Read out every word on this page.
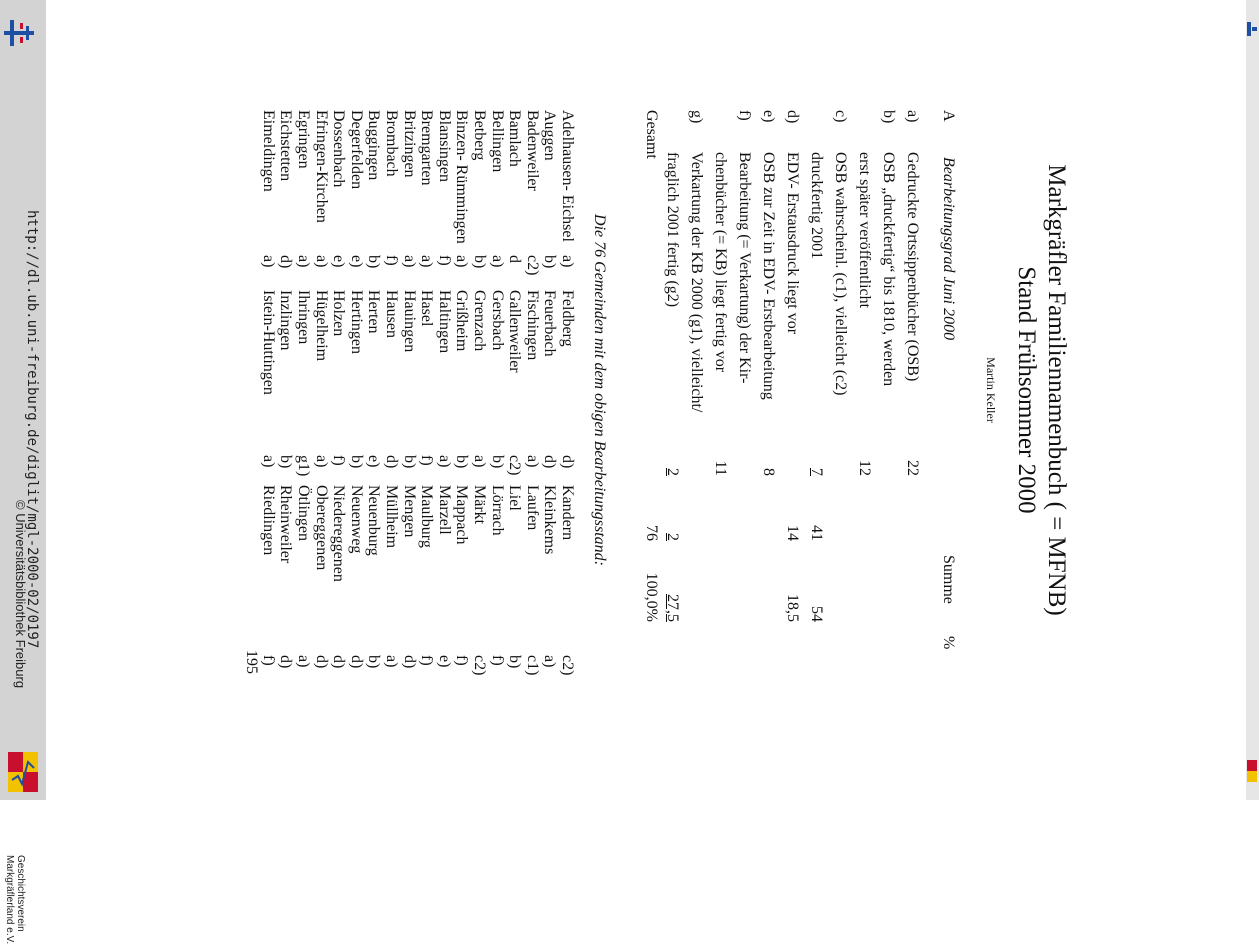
http://dl.ub.uni-freiburg.de/diglit/mgl-2000-02/0197
© Universitätsbibliothek Freiburg
Geschichtsverein
Markgräflerland e.V.
Markgräfler Familiennamenbuch ( = MFNB)
Stand Frühsommer 2000
Martin Keller
A
Bearbeitungsgrad Juni 2000
Summe
%
a)
Gedruckte Ortssippenbücher (OSB)
22
b)
OSB „druckfertig“ bis 1810, werden
erst später veröffentlicht
12
c)
OSB wahrscheinl. (c1), vielleicht (c2)
druckfertig 2001
7
41
54
d)
EDV- Erstausdruck liegt vor
14
18,5
e)
OSB zur Zeit in EDV- Erstbearbeitung
8
f)
Bearbeitung (= Verkartung) der Kir-
chenbücher (= KB) liegt fertig vor
11
g)
Verkartung der KB 2000 (g1), vielleicht/
fraglich 2001 fertig (g2)
2
2
27,5
Gesamt
76
100,0%
Die 76 Gemeinden mit dem obigen Bearbeitungsstand:
Adelhausen- Eichsel
a)
Feldberg
d)
Kandern
c2)
Auggen
b)
Feuerbach
d)
Kleinkems
a)
Badenweiler
c2)
Fischingen
a)
Laufen
c1)
Bamlach
d
Gallenweiler
c2)
Liel
b)
Bellingen
a)
Gersbach
b)
Lörrach
f)
Betberg
b)
Grenzach
a)
Märkt
c2)
Binzen- Rümmingen
a)
Grißheim
b)
Mappach
f)
Blansingen
f)
Haltingen
a)
Marzell
e)
Bremgarten
a)
Hasel
f)
Maulburg
f)
Britzingen
a)
Hauingen
b)
Mengen
d)
Brombach
f)
Hausen
d)
Müllheim
a)
Buggingen
b)
Herten
e)
Neuenburg
b)
Degerfelden
e)
Hertingen
b)
Neuenweg
d)
Dossenbach
e)
Holzen
f)
Niedereggenen
d)
Efringen-Kirchen
a)
Hügelheim
a)
Obereggenen
d)
Egringen
a)
Ihringen
g1)
Ötlingen
a)
Eichstetten
d)
Inzlingen
b)
Rheinweiler
d)
Eimeldingen
a)
Istein-Huttingen
a)
Riedlingen
f)
195
